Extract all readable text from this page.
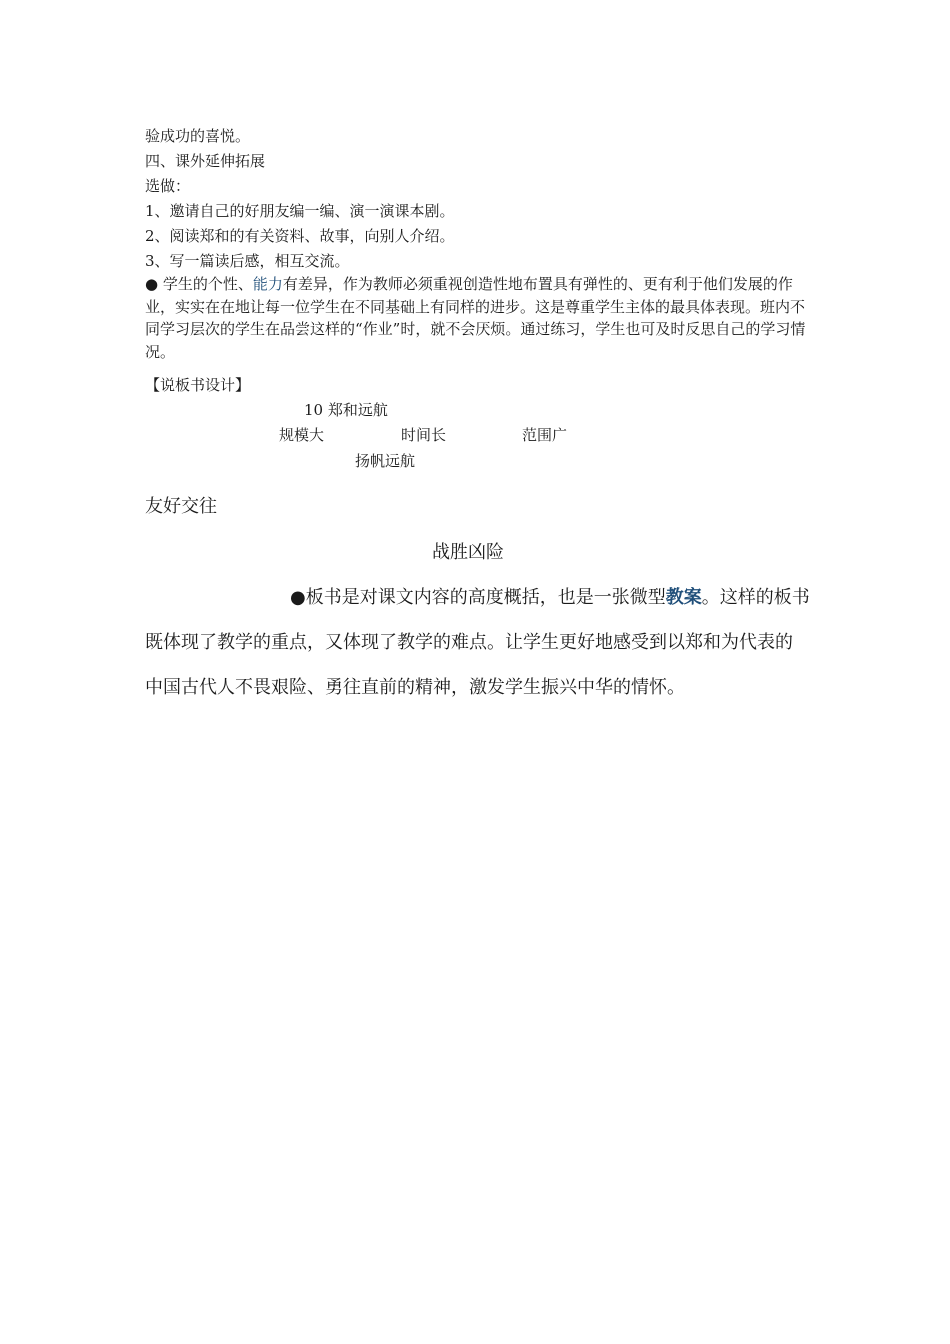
验成功的喜悦。
四、课外延伸拓展
选做：
1、邀请自己的好朋友编一编、演一演课本剧。
2、阅读郑和的有关资料、故事，向别人介绍。
3、写一篇读后感，相互交流。
● 学生的个性、能力有差异，作为教师必须重视创造性地布置具有弹性的、更有利于他们发展的作业，实实在在地让每一位学生在不同基础上有同样的进步。这是尊重学生主体的最具体表现。班内不同学习层次的学生在品尝这样的“作业”时，就不会厌烦。通过练习，学生也可及时反思自己的学习情况。
【说板书设计】
10 郑和远航
规模大	时间长	范围广
扬帆远航
友好交往
战胜凶险
●板书是对课文内容的高度概括，也是一张微型教案。这样的板书既体现了教学的重点，又体现了教学的难点。让学生更好地感受到以郑和为代表的中国古代人不畏艰险、勇往直前的精神，激发学生振兴中华的情怀。
